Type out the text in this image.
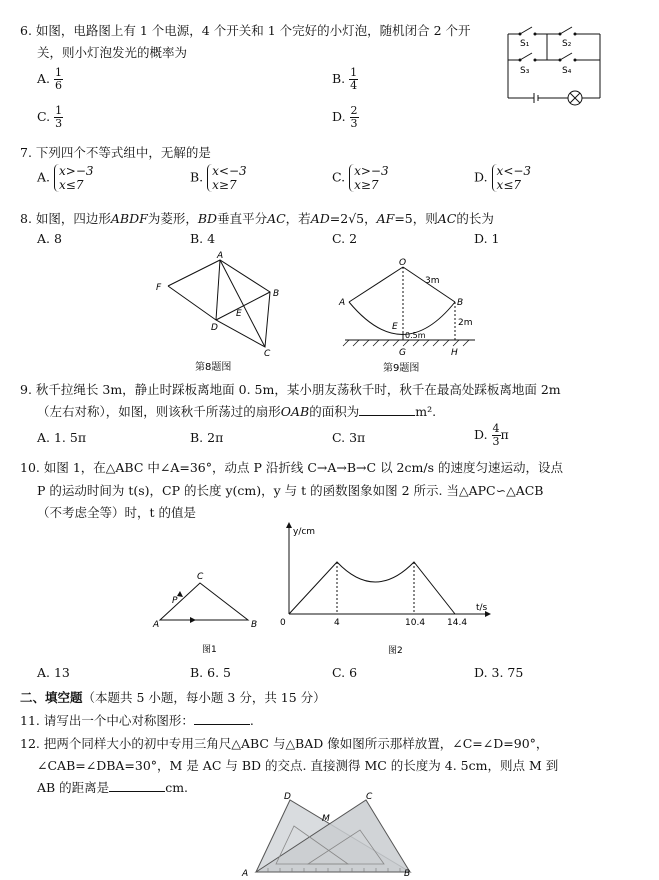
6. 如图，电路图上有 1 个电源，4 个开关和 1 个完好的小灯泡，随机闭合 2 个开
关，则小灯泡发光的概率为
A. $\frac{1}{6}$	B. $\frac{1}{4}$
C. $\frac{1}{3}$	D. $\frac{2}{3}$
S₁	S₂
S₃	S₄
7. 下列四个不等式组中，无解的是
A. x>−3
x≤7
B. x<−3
x≥7
C. x>−3
x≥7
D. x<−3
x≤7
8. 如图，四边形ABDF为菱形，BD垂直平分AC，若AD=2√5，AF=5，则AC的长为
A. 8	B. 4	C. 2	D. 1
A
B
C
D
E
F
第8题图
O
A	B
E
G	H
3m
2m
0.5m
第9题图
9. 秋千拉绳长 3m，静止时踩板离地面 0. 5m，某小朋友荡秋千时，秋千在最高处踩板离地面 2m
（左右对称），如图，则该秋千所荡过的扇形OAB的面积为	m².
A. 1. 5π	B. 2π	C. 3π	D. $\frac{4}{3}$ π
10. 如图 1，在△ABC 中∠A=36°，动点 P 沿折线 C→A→B→C 以 2cm/s 的速度匀速运动，设点
P 的运动时间为 t(s)，CP 的长度 y(cm)，y 与 t 的函数图象如图 2 所示. 当△APC∽△ACB
（不考虑全等）时，t 的值是
A	B
C
P
图1
y/cm
t/s
0	4	10.4 14.4
图2
A. 13	B. 6. 5	C. 6	D. 3. 75
二、填空题（本题共 5 小题，每小题 3 分，共 15 分）
11. 请写出一个中心对称图形：	.
12. 把两个同样大小的初中专用三角尺△ABC 与△BAD 像如图所示那样放置，∠C=∠D=90°，
∠CAB=∠DBA=30°，M 是 AC 与 BD 的交点. 直接测得 MC 的长度为 4. 5cm，则点 M 到
AB 的距离是	cm.
D	C
M
A	B
